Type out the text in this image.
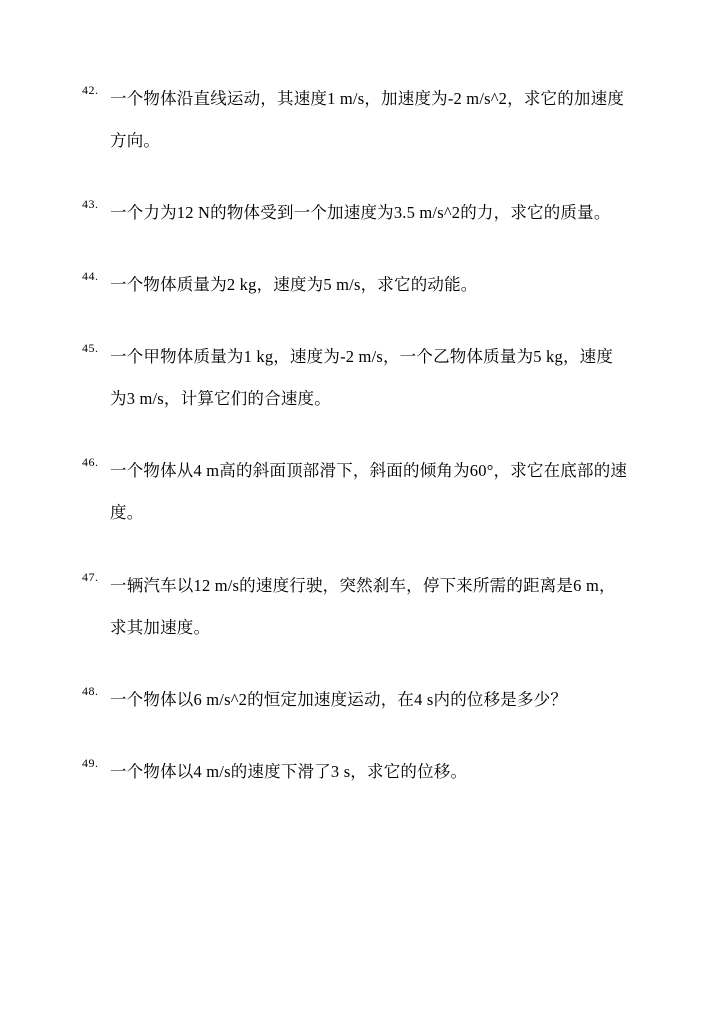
42. 一个物体沿直线运动，其速度1 m/s，加速度为-2 m/s^2，求它的加速度方向。
43. 一个力为12 N的物体受到一个加速度为3.5 m/s^2的力，求它的质量。
44. 一个物体质量为2 kg，速度为5 m/s，求它的动能。
45. 一个甲物体质量为1 kg，速度为-2 m/s，一个乙物体质量为5 kg，速度为3 m/s，计算它们的合速度。
46. 一个物体从4 m高的斜面顶部滑下，斜面的倾角为60°，求它在底部的速度。
47. 一辆汽车以12 m/s的速度行驶，突然刹车，停下来所需的距离是6 m，求其加速度。
48. 一个物体以6 m/s^2的恒定加速度运动，在4 s内的位移是多少？
49. 一个物体以4 m/s的速度下滑了3 s，求它的位移。
